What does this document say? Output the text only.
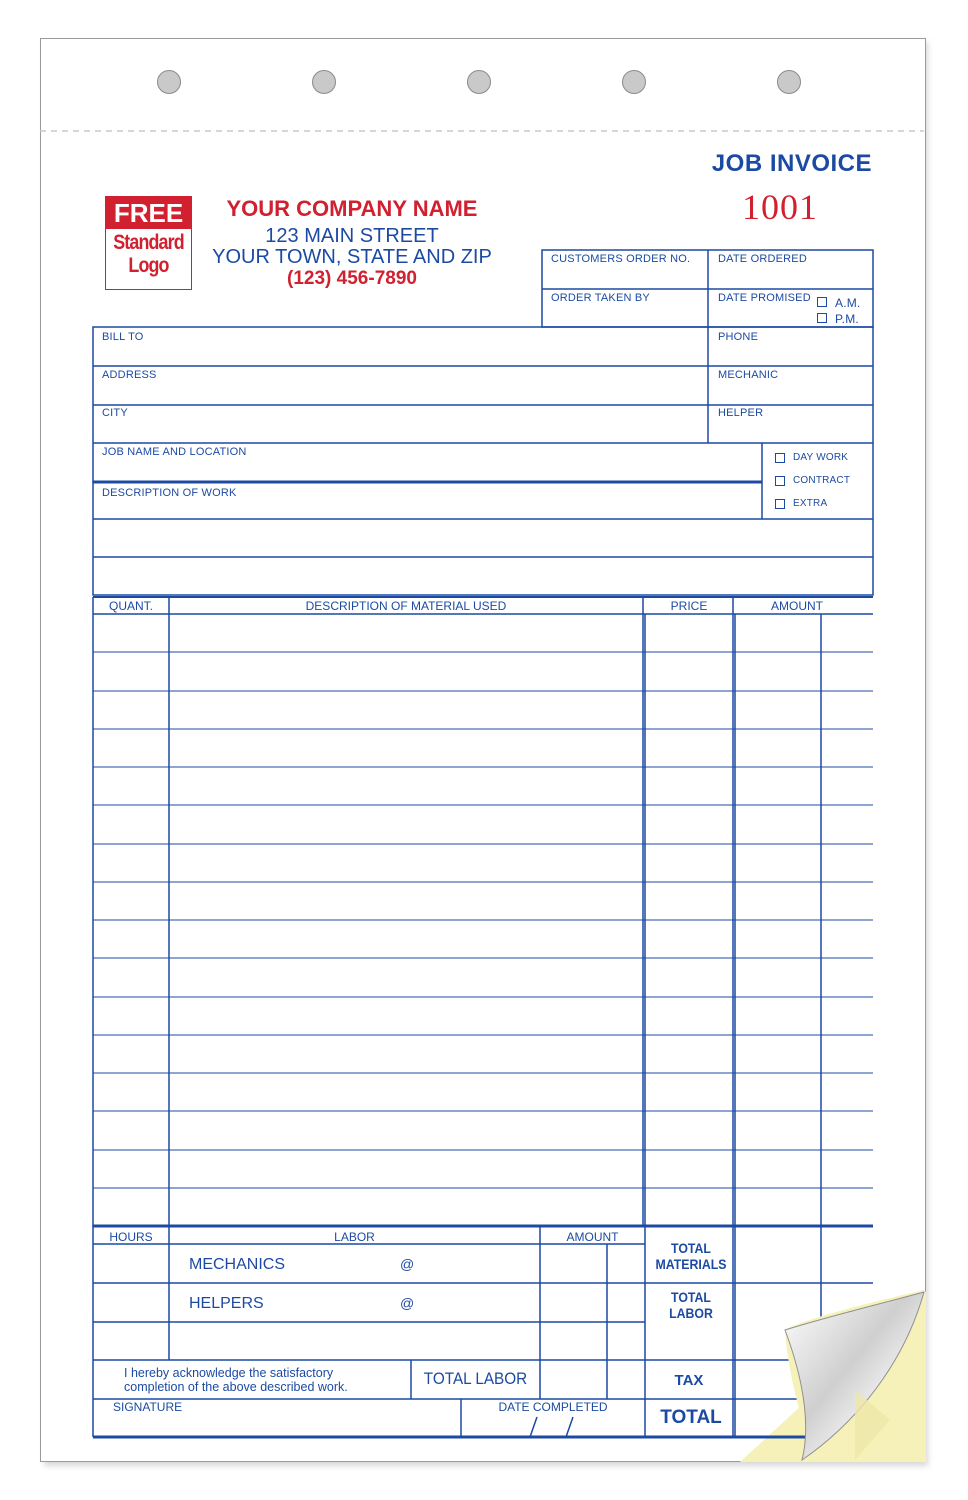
JOB INVOICE
1001
FREE
Standard
Logo
YOUR COMPANY NAME
123 MAIN STREET
YOUR TOWN, STATE AND ZIP
(123) 456-7890
CUSTOMERS ORDER NO.	DATE ORDERED
ORDER TAKEN BY	DATE PROMISED A.M.
P.M.
BILL TO	PHONE
ADDRESS	MECHANIC
CITY	HELPER
JOB NAME AND LOCATION
DESCRIPTION OF WORK
DAY WORK
CONTRACT
EXTRA
QUANT.	DESCRIPTION OF MATERIAL USED	PRICE	AMOUNT
HOURS	LABOR	AMOUNT
MECHANICS	@
HELPERS	@
I hereby acknowledge the satisfactory completion of the above described work.	TOTAL LABOR
SIGNATURE	DATE COMPLETED
TOTAL MATERIALS
TOTAL LABOR
TAX
TOTAL
